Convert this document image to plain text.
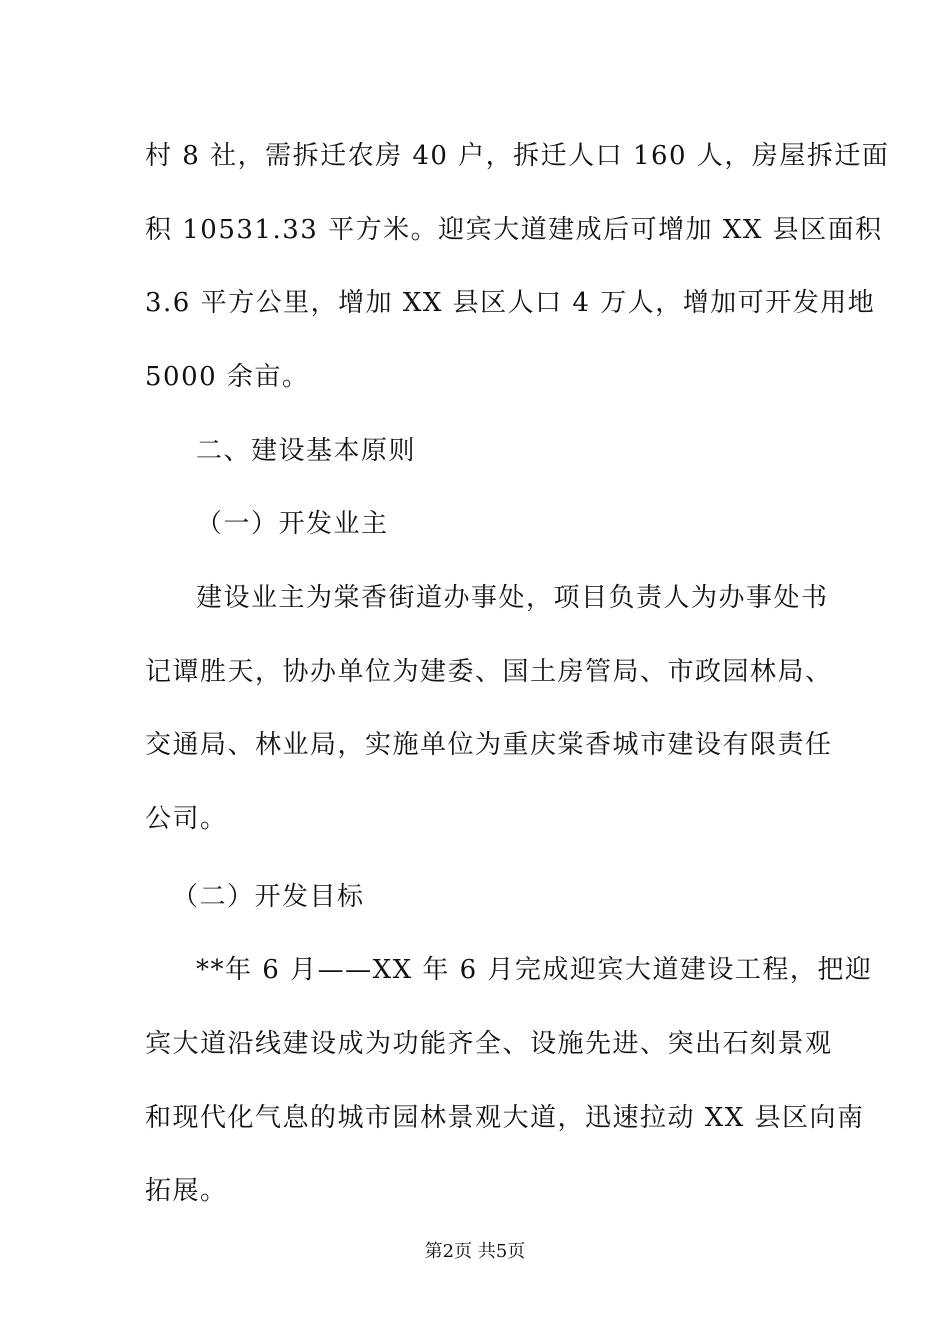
村 8 社，需拆迁农房 40 户，拆迁人口 160 人，房屋拆迁面
积 10531.33 平方米。迎宾大道建成后可增加 XX 县区面积
3.6 平方公里，增加 XX 县区人口 4 万人，增加可开发用地
5000 余亩。
二、建设基本原则
（一）开发业主
建设业主为棠香街道办事处，项目负责人为办事处书
记谭胜天，协办单位为建委、国土房管局、市政园林局、
交通局、林业局，实施单位为重庆棠香城市建设有限责任
公司。
（二）开发目标
**年 6 月——XX 年 6 月完成迎宾大道建设工程，把迎
宾大道沿线建设成为功能齐全、设施先进、突出石刻景观
和现代化气息的城市园林景观大道，迅速拉动 XX 县区向南
拓展。
第2页 共5页
